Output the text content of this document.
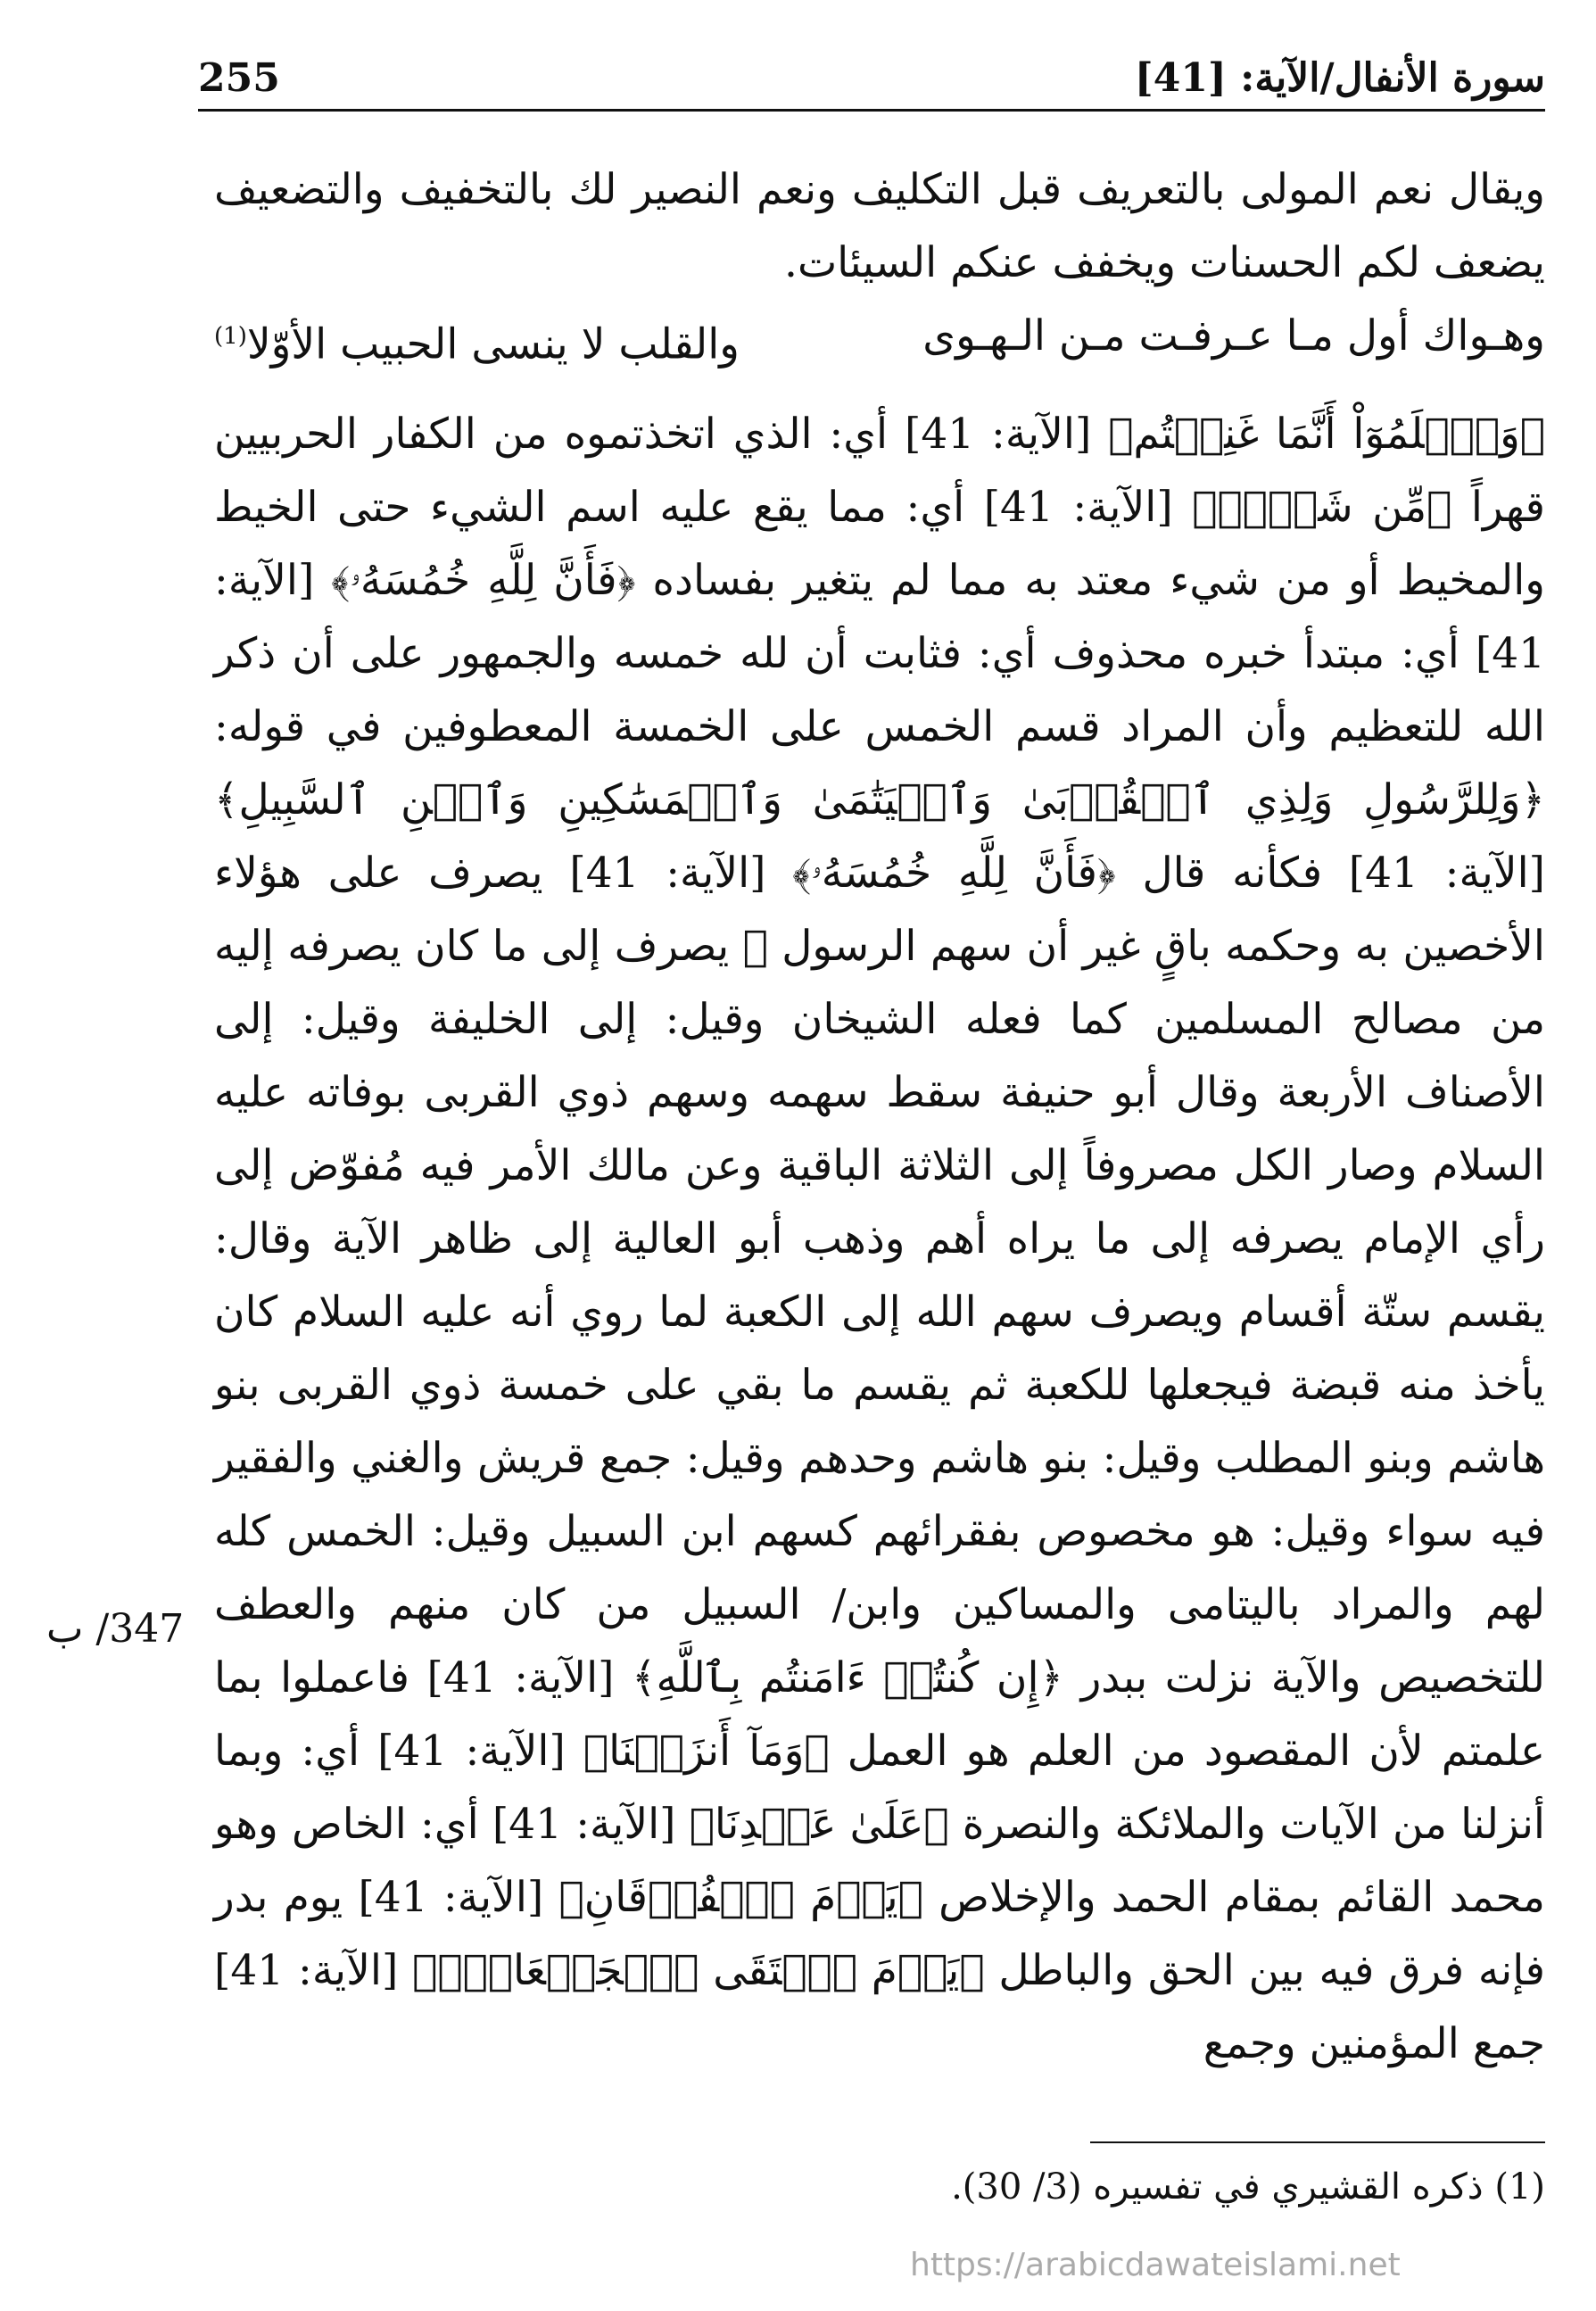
سورة الأنفال/الآية: [41]
255

ويقال نعم المولى بالتعريف قبل التكليف ونعم النصير لك بالتخفيف والتضعيف يضعف لكم الحسنات ويخفف عنكم السيئات.

وهـواك أول مـا عـرفـت مـن الـهـوى
والقلب لا ينسى الحبيب الأوّلا$^{(1)}$

﴿وَٱعۡلَمُوٓاْ أَنَّمَا غَنِمۡتُم﴾ [الآية: 41] أي: الذي اتخذتموه من الكفار الحربيين قهراً ﴿مِّن شَيۡءٖ﴾ [الآية: 41] أي: مما يقع عليه اسم الشيء حتى الخيط والمخيط أو من شيء معتد به مما لم يتغير بفساده ﴿فَأَنَّ لِلَّهِ خُمُسَهُۥ﴾ [الآية: 41] أي: مبتدأ خبره محذوف أي: فثابت أن لله خمسه والجمهور على أن ذكر الله للتعظيم وأن المراد قسم الخمس على الخمسة المعطوفين في قوله: ﴿وَلِلرَّسُولِ وَلِذِي ٱلۡقُرۡبَىٰ وَٱلۡيَتَٰمَىٰ وَٱلۡمَسَٰكِينِ وَٱبۡنِ ٱلسَّبِيلِ﴾ [الآية: 41] فكأنه قال ﴿فَأَنَّ لِلَّهِ خُمُسَهُۥ﴾ [الآية: 41] يصرف على هؤلاء الأخصين به وحكمه باقٍ غير أن سهم الرسول ﷺ يصرف إلى ما كان يصرفه إليه من مصالح المسلمين كما فعله الشيخان وقيل: إلى الخليفة وقيل: إلى الأصناف الأربعة وقال أبو حنيفة سقط سهمه وسهم ذوي القربى بوفاته عليه السلام وصار الكل مصروفاً إلى الثلاثة الباقية وعن مالك الأمر فيه مُفوّض إلى رأي الإمام يصرفه إلى ما يراه أهم وذهب أبو العالية إلى ظاهر الآية وقال: يقسم ستّة أقسام ويصرف سهم الله إلى الكعبة لما روي أنه عليه السلام كان يأخذ منه قبضة فيجعلها للكعبة ثم يقسم ما بقي على خمسة ذوي القربى بنو هاشم وبنو المطلب وقيل: بنو هاشم وحدهم وقيل: جمع قريش والغني والفقير فيه سواء وقيل: هو مخصوص بفقرائهم كسهم ابن السبيل وقيل: الخمس كله لهم والمراد باليتامى والمساكين وابن/ السبيل من كان منهم والعطف للتخصيص والآية نزلت ببدر ﴿إِن كُنتُمۡ ءَامَنتُم بِٱللَّهِ﴾ [الآية: 41] فاعملوا بما علمتم لأن المقصود من العلم هو العمل ﴿وَمَآ أَنزَلۡنَا﴾ [الآية: 41] أي: وبما أنزلنا من الآيات والملائكة والنصرة ﴿عَلَىٰ عَبۡدِنَا﴾ [الآية: 41] أي: الخاص وهو محمد القائم بمقام الحمد والإخلاص ﴿يَوۡمَ ٱلۡفُرۡقَانِ﴾ [الآية: 41] يوم بدر فإنه فرق فيه بين الحق والباطل ﴿يَوۡمَ ٱلۡتَقَى ٱلۡجَمۡعَانِۗ﴾ [الآية: 41] جمع المؤمنين وجمع

347/ ب
(1) ذكره القشيري في تفسيره (3/ 30).
https://arabicdawateislami.net
